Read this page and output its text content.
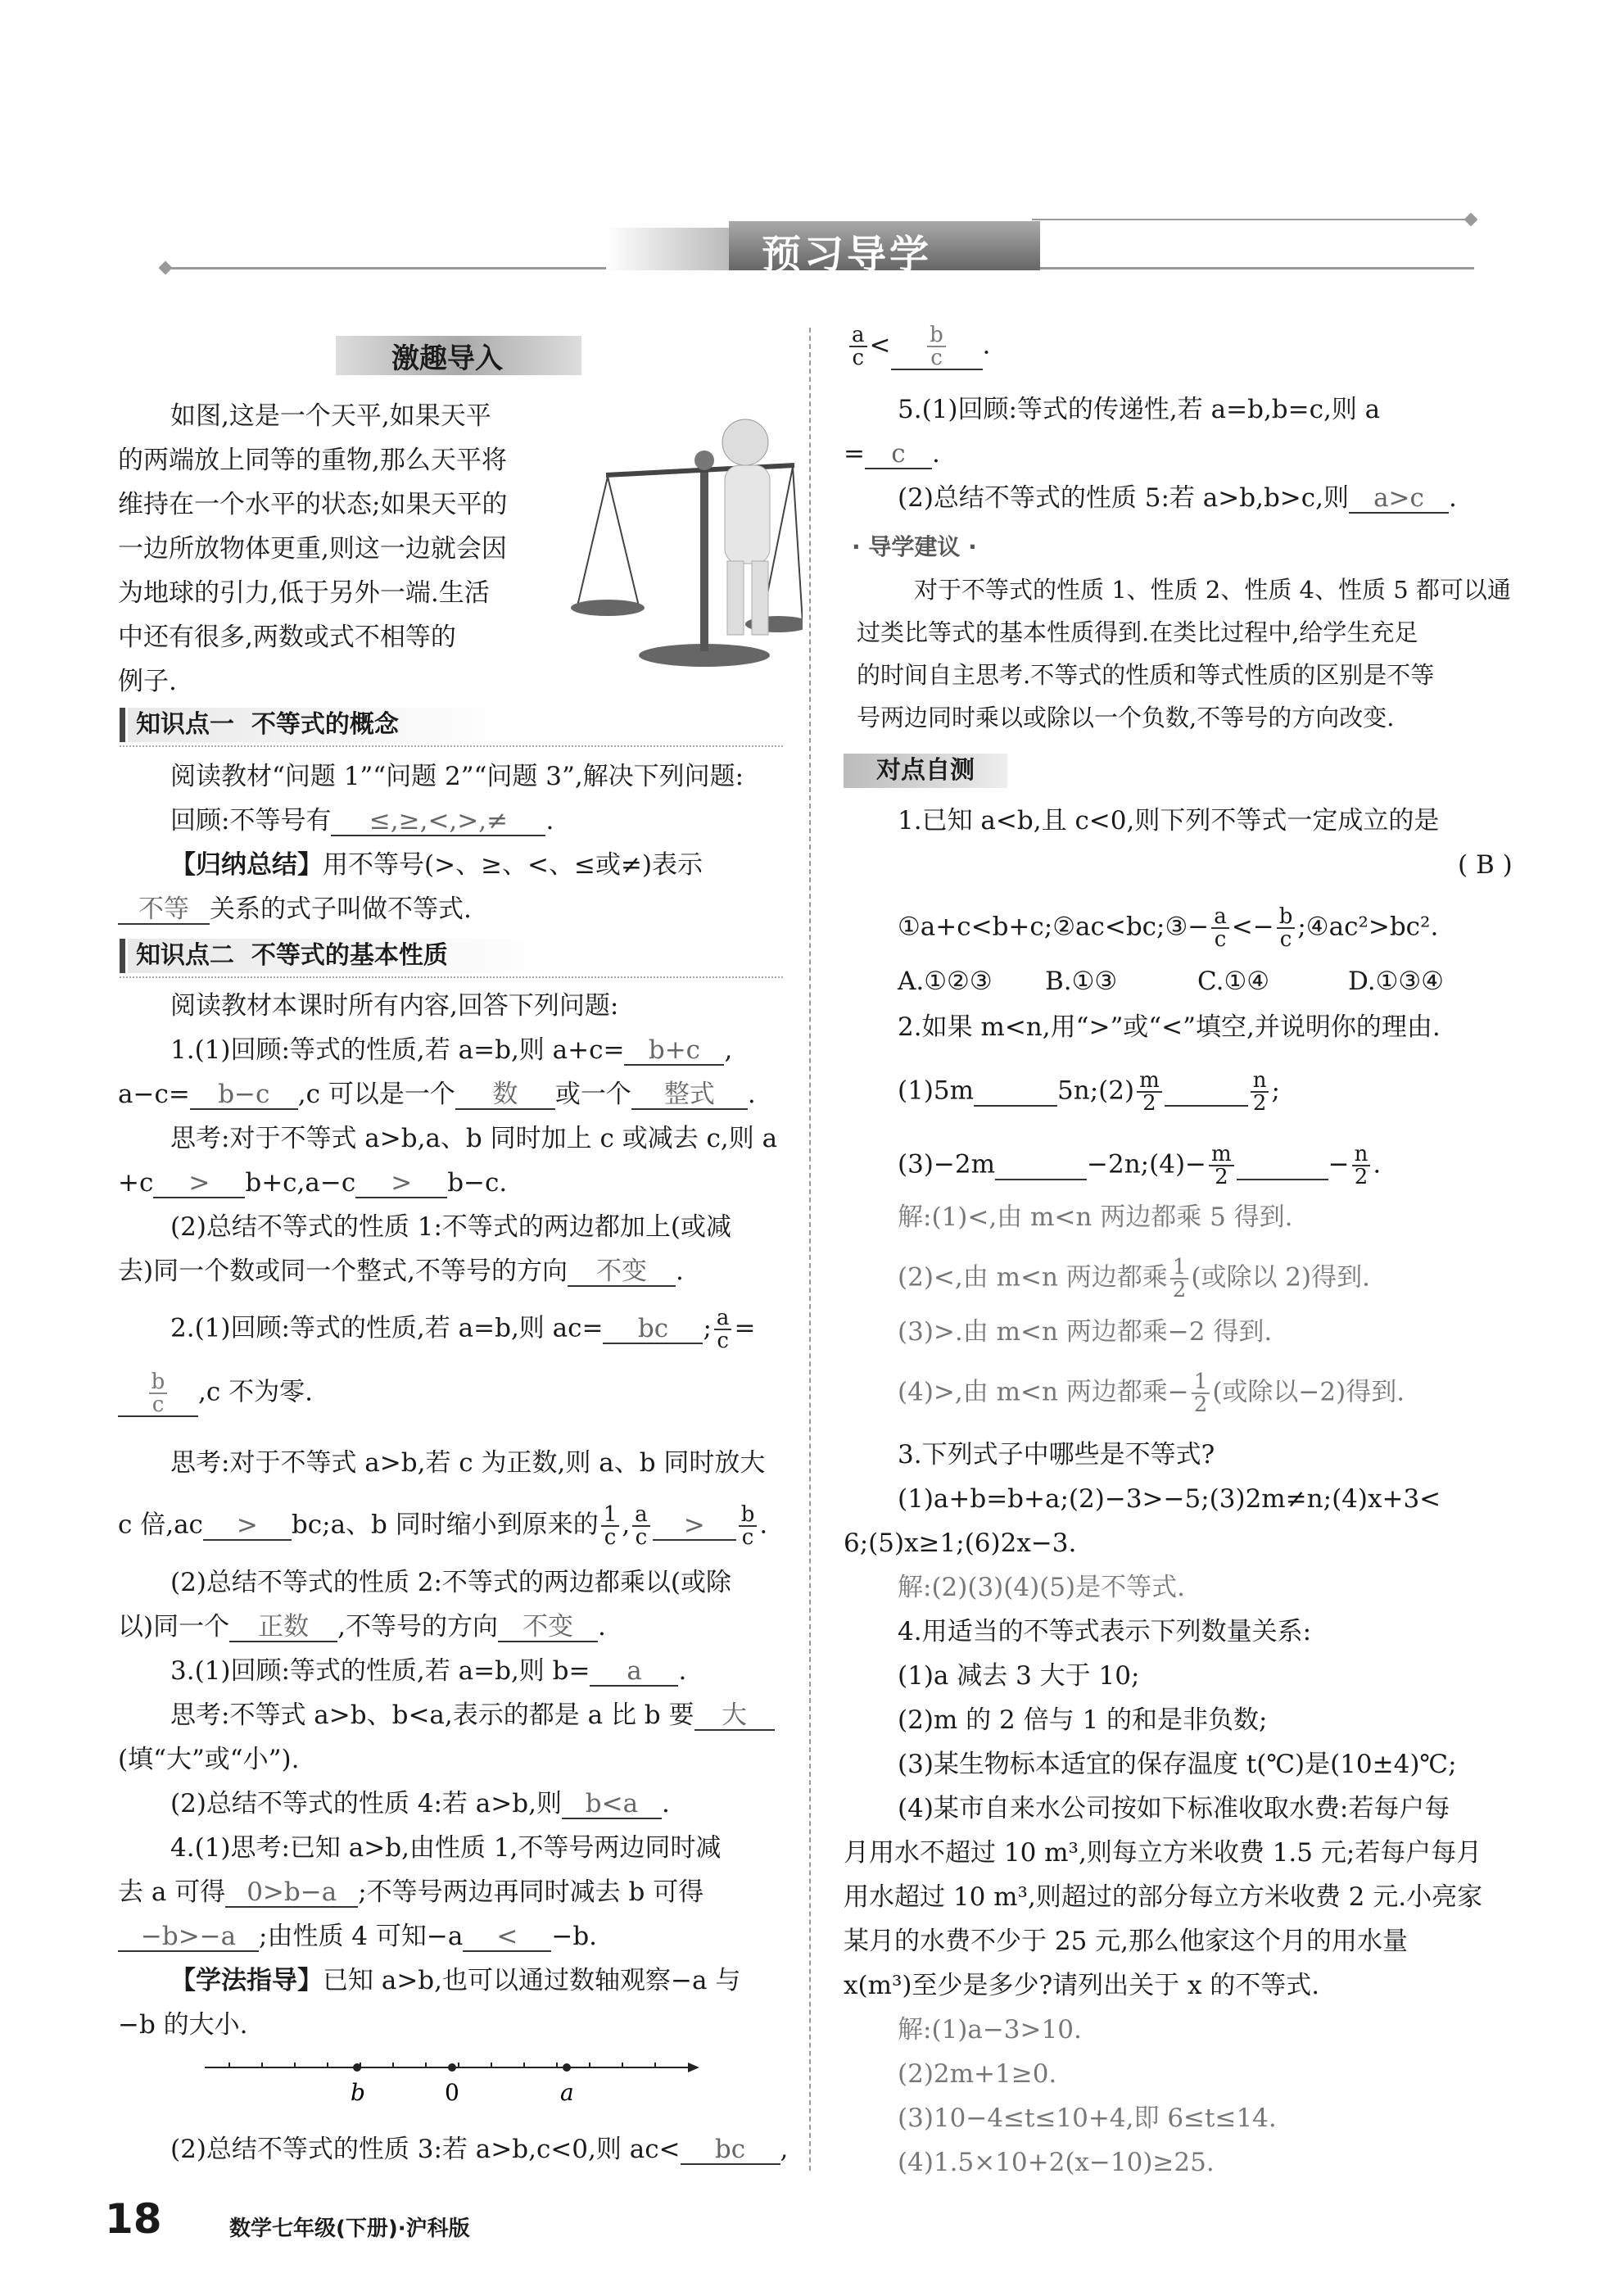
预习导学
激趣导入
如图,这是一个天平,如果天平
的两端放上同等的重物,那么天平将
维持在一个水平的状态;如果天平的
一边所放物体更重,则这一边就会因
为地球的引力,低于另外一端.生活
中还有很多,两数或式不相等的
例子.
知识点一  不等式的概念
阅读教材“问题 1”“问题 2”“问题 3”,解决下列问题:
回顾:不等号有 ≤,≥,<,>,≠ .
【归纳总结】用不等号(>、≥、<、≤或≠)表示
不等 关系的式子叫做不等式.
知识点二  不等式的基本性质
阅读教材本课时所有内容,回答下列问题:
1.(1)回顾:等式的性质,若 a=b,则 a+c= b+c ,
a−c= b−c ,c 可以是一个 数 或一个 整式 .
思考:对于不等式 a>b,a、b 同时加上 c 或减去 c,则 a
+c > b+c,a−c > b−c.
(2)总结不等式的性质 1:不等式的两边都加上(或减
去)同一个数或同一个整式,不等号的方向 不变 .
2.(1)回顾:等式的性质,若 a=b,则 ac= bc ; $\frac{a}{c}$ =
$\frac{b}{c} ,c$ 不为零.
思考:对于不等式 a>b,若 c 为正数,则 a、b 同时放大
c 倍,ac > bc;a、b 同时缩小到原来的 $\frac{1}{c}$ , $\frac{a}{c} > \frac{b}{c}$ .
(2)总结不等式的性质 2:不等式的两边都乘以(或除
以)同一个 正数 ,不等号的方向 不变 .
3.(1)回顾:等式的性质,若 a=b,则 b= a .
思考:不等式 a>b、b<a,表示的都是 a 比 b 要 大
(填“大”或“小”).
(2)总结不等式的性质 4:若 a>b,则 b<a .
4.(1)思考:已知 a>b,由性质 1,不等号两边同时减
去 a 可得 0>b−a ;不等号两边再同时减去 b 可得
−b>−a ;由性质 4 可知−a < −b.
【学法指导】已知 a>b,也可以通过数轴观察−a 与
−b 的大小.
b	0	a
(2)总结不等式的性质 3:若 a>b,c<0,则 ac< bc ,
$\frac{a}{c} < \frac{b}{c}$ .
5.(1)回顾:等式的传递性,若 a=b,b=c,则 a
= c .
(2)总结不等式的性质 5:若 a>b,b>c,则 a>c .
· 导学建议 ·
对于不等式的性质 1、性质 2、性质 4、性质 5 都可以通
过类比等式的基本性质得到.在类比过程中,给学生充足
的时间自主思考.不等式的性质和等式性质的区别是不等
号两边同时乘以或除以一个负数,不等号的方向改变.
对点自测
1.已知 a<b,且 c<0,则下列不等式一定成立的是
( B )
①a+c<b+c;②ac<bc;③− $\frac{a}{c} <- \frac{b}{c}$ ;④ac²>bc².
A.①②③ B.①③	C.①④	D.①③④
2.如果 m<n,用“>”或“<”填空,并说明你的理由.
(1)5m	5n;(2) $\frac{m}{2}$
	$\frac{n}{2}$ ;
(3)−2m	−2n;(4)− $\frac{m}{2}$	− $\frac{n}{2}$ .
解:(1)<,由 m<n 两边都乘 5 得到.
(2)<,由 m<n 两边都乘 $\frac{1}{2}$ (或除以 2)得到.
(3)>.由 m<n 两边都乘−2 得到.
(4)>,由 m<n 两边都乘− $\frac{1}{2}$ (或除以−2)得到.
3.下列式子中哪些是不等式?
(1)a+b=b+a;(2)−3>−5;(3)2m≠n;(4)x+3<
6;(5)x≥1;(6)2x−3.
解:(2)(3)(4)(5)是不等式.
4.用适当的不等式表示下列数量关系:
(1)a 减去 3 大于 10;
(2)m 的 2 倍与 1 的和是非负数;
(3)某生物标本适宜的保存温度 t(℃)是(10±4)℃;
(4)某市自来水公司按如下标准收取水费:若每户每
月用水不超过 10 m³,则每立方米收费 1.5 元;若每户每月
用水超过 10 m³,则超过的部分每立方米收费 2 元.小亮家
某月的水费不少于 25 元,那么他家这个月的用水量
x(m³)至少是多少?请列出关于 x 的不等式.
解:(1)a−3>10.
(2)2m+1≥0.
(3)10−4≤t≤10+4,即 6≤t≤14.
(4)1.5×10+2(x−10)≥25.
18	数学七年级(下册)·沪科版
